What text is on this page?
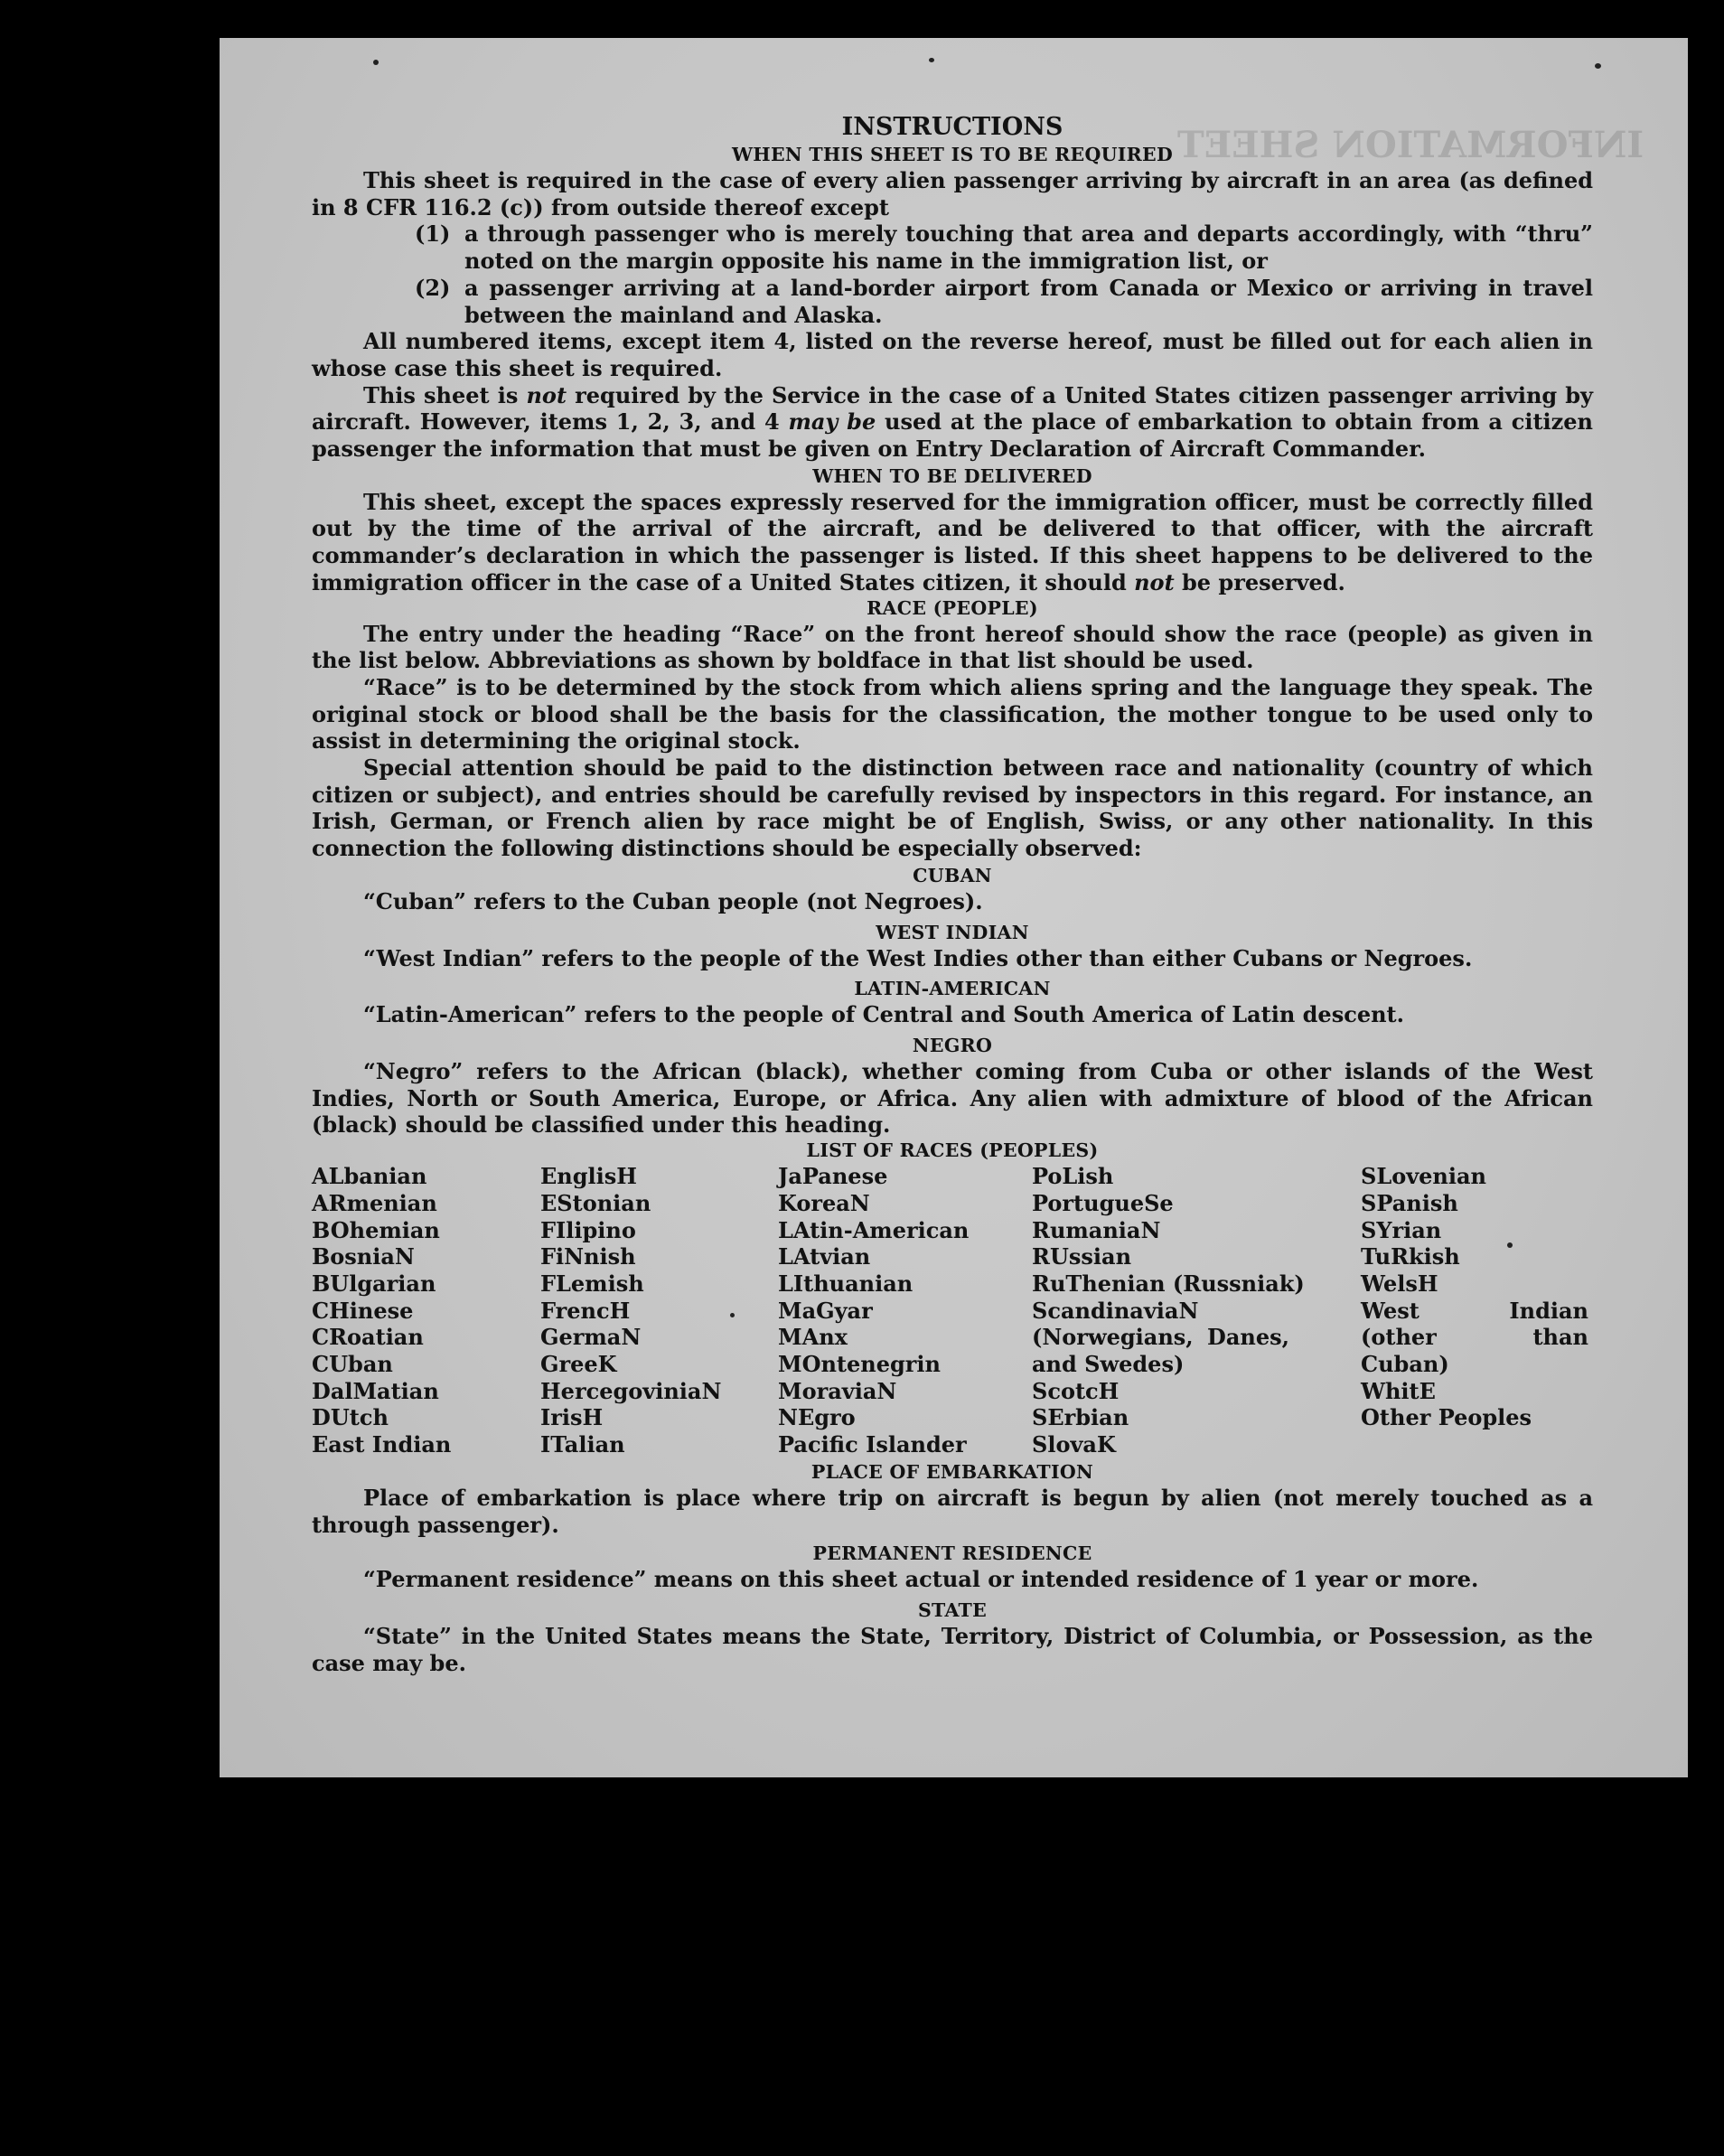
INFORMATION SHEET
INSTRUCTIONS
WHEN THIS SHEET IS TO BE REQUIRED
This sheet is required in the case of every alien passenger arriving by aircraft in an area (as defined in 8 CFR 116.2 (c)) from outside thereof except
(1) a through passenger who is merely touching that area and departs accordingly, with “thru” noted on the margin opposite his name in the immigration list, or
(2) a passenger arriving at a land-border airport from Canada or Mexico or arriving in travel between the mainland and Alaska.
All numbered items, except item 4, listed on the reverse hereof, must be filled out for each alien in whose case this sheet is required.
This sheet is not required by the Service in the case of a United States citizen passenger arriving by aircraft. However, items 1, 2, 3, and 4 may be used at the place of embarkation to obtain from a citizen passenger the information that must be given on Entry Declaration of Aircraft Commander.
WHEN TO BE DELIVERED
This sheet, except the spaces expressly reserved for the immigration officer, must be correctly filled out by the time of the arrival of the aircraft, and be delivered to that officer, with the aircraft commander’s declaration in which the passenger is listed. If this sheet happens to be delivered to the immigration officer in the case of a United States citizen, it should not be preserved.
RACE (PEOPLE)
The entry under the heading “Race” on the front hereof should show the race (people) as given in the list below. Abbreviations as shown by boldface in that list should be used.
“Race” is to be determined by the stock from which aliens spring and the language they speak. The original stock or blood shall be the basis for the classification, the mother tongue to be used only to assist in determining the original stock.
Special attention should be paid to the distinction between race and nationality (country of which citizen or subject), and entries should be carefully revised by inspectors in this regard. For instance, an Irish, German, or French alien by race might be of English, Swiss, or any other nationality. In this connection the following distinctions should be especially observed:
CUBAN
“Cuban” refers to the Cuban people (not Negroes).
WEST INDIAN
“West Indian” refers to the people of the West Indies other than either Cubans or Negroes.
LATIN-AMERICAN
“Latin-American” refers to the people of Central and South America of Latin descent.
NEGRO
“Negro” refers to the African (black), whether coming from Cuba or other islands of the West Indies, North or South America, Europe, or Africa. Any alien with admixture of blood of the African (black) should be classified under this heading.
LIST OF RACES (PEOPLES)
ALbanian
ARmenian
BOhemian
BosniaN
BUlgarian
CHinese
CRoatian
CUban
DalMatian
DUtch
East Indian
EnglisH
EStonian
FIlipino
FiNnish
FLemish
FrencH
GermaN
GreeK
HercegoviniaN
IrisH
ITalian
JaPanese
KoreaN
LAtin-American
LAtvian
LIthuanian
MaGyar
MAnx
MOntenegrin
MoraviaN
NEgro
Pacific Islander
PoLish
PortugueSe
RumaniaN
RUssian
RuThenian (Russniak)
ScandinaviaN (Norwegians, Danes, and Swedes)
ScotcH
SErbian
SlovaK
SLovenian
SPanish
SYrian
TuRkish
WelsH
West Indian (other than Cuban)
WhitE
Other Peoples
PLACE OF EMBARKATION
Place of embarkation is place where trip on aircraft is begun by alien (not merely touched as a through passenger).
PERMANENT RESIDENCE
“Permanent residence” means on this sheet actual or intended residence of 1 year or more.
STATE
“State” in the United States means the State, Territory, District of Columbia, or Possession, as the case may be.
